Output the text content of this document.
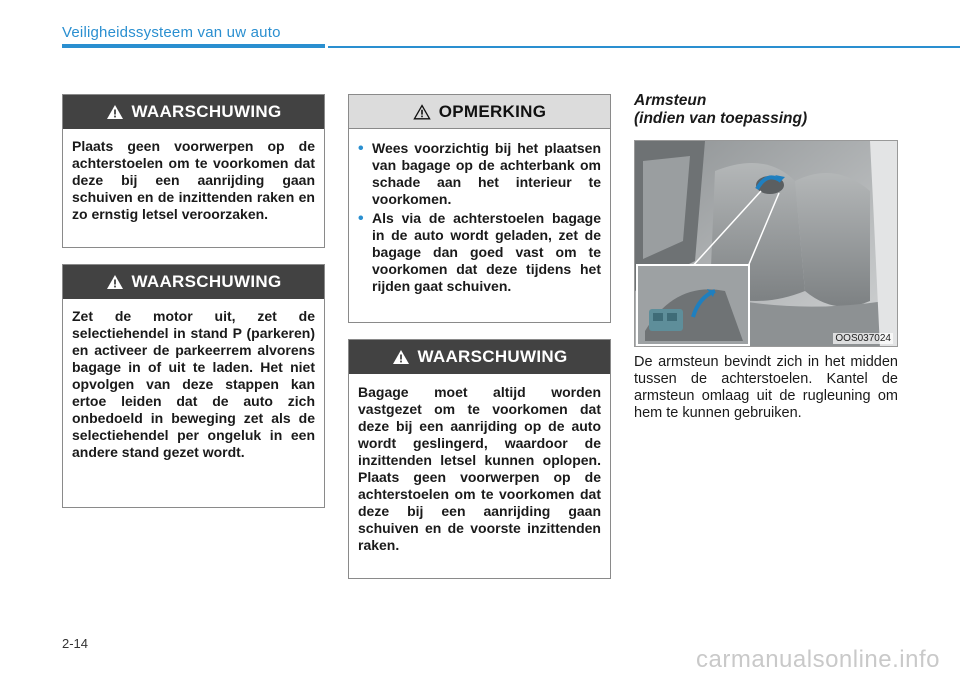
Veiligheidssysteem van uw auto
WAARSCHUWING
Plaats geen voorwerpen op de achterstoelen om te voorkomen dat deze bij een aanrijding gaan schuiven en de inzittenden raken en zo ernstig letsel veroorzaken.
WAARSCHUWING
Zet de motor uit, zet de selectiehendel in stand P (parkeren) en activeer de parkeerrem alvorens bagage in of uit te laden. Het niet opvolgen van deze stappen kan ertoe leiden dat de auto zich onbedoeld in beweging zet als de selectiehendel per ongeluk in een andere stand gezet wordt.
OPMERKING
• Wees voorzichtig bij het plaatsen van bagage op de achterbank om schade aan het interieur te voorkomen.
• Als via de achterstoelen bagage in de auto wordt geladen, zet de bagage dan goed vast om te voorkomen dat deze tijdens het rijden gaat schuiven.
WAARSCHUWING
Bagage moet altijd worden vastgezet om te voorkomen dat deze bij een aanrijding op de auto wordt geslingerd, waardoor de inzittenden letsel kunnen oplopen. Plaats geen voorwerpen op de achterstoelen om te voorkomen dat deze bij een aanrijding gaan schuiven en de voorste inzittenden raken.
Armsteun
(indien van toepassing)
OOS037024
De armsteun bevindt zich in het midden tussen de achterstoelen. Kantel de armsteun omlaag uit de rugleuning om hem te kunnen gebruiken.
2-14
carmanualsonline.info
